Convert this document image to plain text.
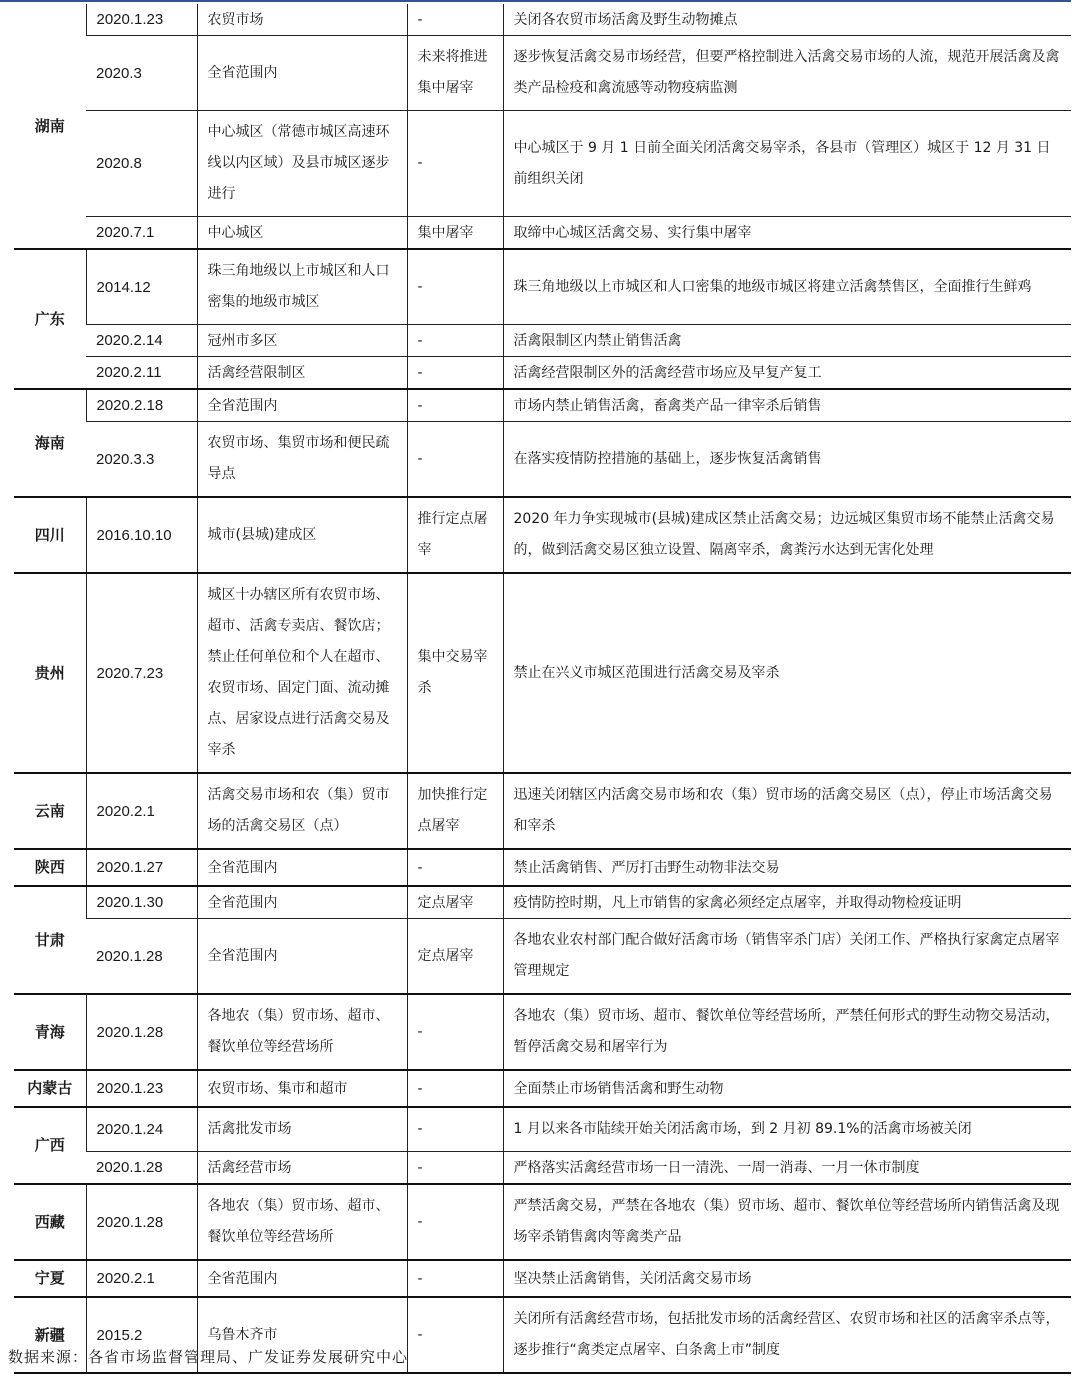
湖南	2020.1.23	农贸市场	-	关闭各农贸市场活禽及野生动物摊点
	2020.3	全省范围内	未来将推进集中屠宰	逐步恢复活禽交易市场经营，但要严格控制进入活禽交易市场的人流，规范开展活禽及禽类产品检疫和禽流感等动物疫病监测
	2020.8	中心城区（常德市城区高速环线以内区域）及县市城区逐步进行	-	中心城区于 9 月 1 日前全面关闭活禽交易宰杀，各县市（管理区）城区于 12 月 31 日前组织关闭
	2020.7.1	中心城区	集中屠宰	取缔中心城区活禽交易、实行集中屠宰
广东	2014.12	珠三角地级以上市城区和人口密集的地级市城区	-	珠三角地级以上市城区和人口密集的地级市城区将建立活禽禁售区，全面推行生鲜鸡
	2020.2.14	冠州市多区	-	活禽限制区内禁止销售活禽
	2020.2.11	活禽经营限制区	-	活禽经营限制区外的活禽经营市场应及早复产复工
海南	2020.2.18	全省范围内	-	市场内禁止销售活禽，畜禽类产品一律宰杀后销售
	2020.3.3	农贸市场、集贸市场和便民疏导点	-	在落实疫情防控措施的基础上，逐步恢复活禽销售
四川	2016.10.10	城市(县城)建成区	推行定点屠宰	2020 年力争实现城市(县城)建成区禁止活禽交易；边远城区集贸市场不能禁止活禽交易的，做到活禽交易区独立设置、隔离宰杀，禽粪污水达到无害化处理
贵州	2020.7.23	城区十办辖区所有农贸市场、超市、活禽专卖店、餐饮店；禁止任何单位和个人在超市、农贸市场、固定门面、流动摊点、居家设点进行活禽交易及宰杀	集中交易宰杀	禁止在兴义市城区范围进行活禽交易及宰杀
云南	2020.2.1	活禽交易市场和农（集）贸市场的活禽交易区（点）	加快推行定点屠宰	迅速关闭辖区内活禽交易市场和农（集）贸市场的活禽交易区（点），停止市场活禽交易和宰杀
陕西	2020.1.27	全省范围内	-	禁止活禽销售、严厉打击野生动物非法交易
甘肃	2020.1.30	全省范围内	定点屠宰	疫情防控时期，凡上市销售的家禽必须经定点屠宰，并取得动物检疫证明
	2020.1.28	全省范围内	定点屠宰	各地农业农村部门配合做好活禽市场（销售宰杀门店）关闭工作、严格执行家禽定点屠宰管理规定
青海	2020.1.28	各地农（集）贸市场、超市、餐饮单位等经营场所	-	各地农（集）贸市场、超市、餐饮单位等经营场所，严禁任何形式的野生动物交易活动，暂停活禽交易和屠宰行为
内蒙古	2020.1.23	农贸市场、集市和超市	-	全面禁止市场销售活禽和野生动物
广西	2020.1.24	活禽批发市场	-	1 月以来各市陆续开始关闭活禽市场，到 2 月初 89.1%的活禽市场被关闭
	2020.1.28	活禽经营市场	-	严格落实活禽经营市场一日一清洗、一周一消毒、一月一休市制度
西藏	2020.1.28	各地农（集）贸市场、超市、餐饮单位等经营场所	-	严禁活禽交易，严禁在各地农（集）贸市场、超市、餐饮单位等经营场所内销售活禽及现场宰杀销售禽肉等禽类产品
宁夏	2020.2.1	全省范围内	-	坚决禁止活禽销售，关闭活禽交易市场
新疆	2015.2	乌鲁木齐市	-	关闭所有活禽经营市场，包括批发市场的活禽经营区、农贸市场和社区的活禽宰杀点等，逐步推行“禽类定点屠宰、白条禽上市”制度
数据来源：各省市场监督管理局、广发证券发展研究中心
